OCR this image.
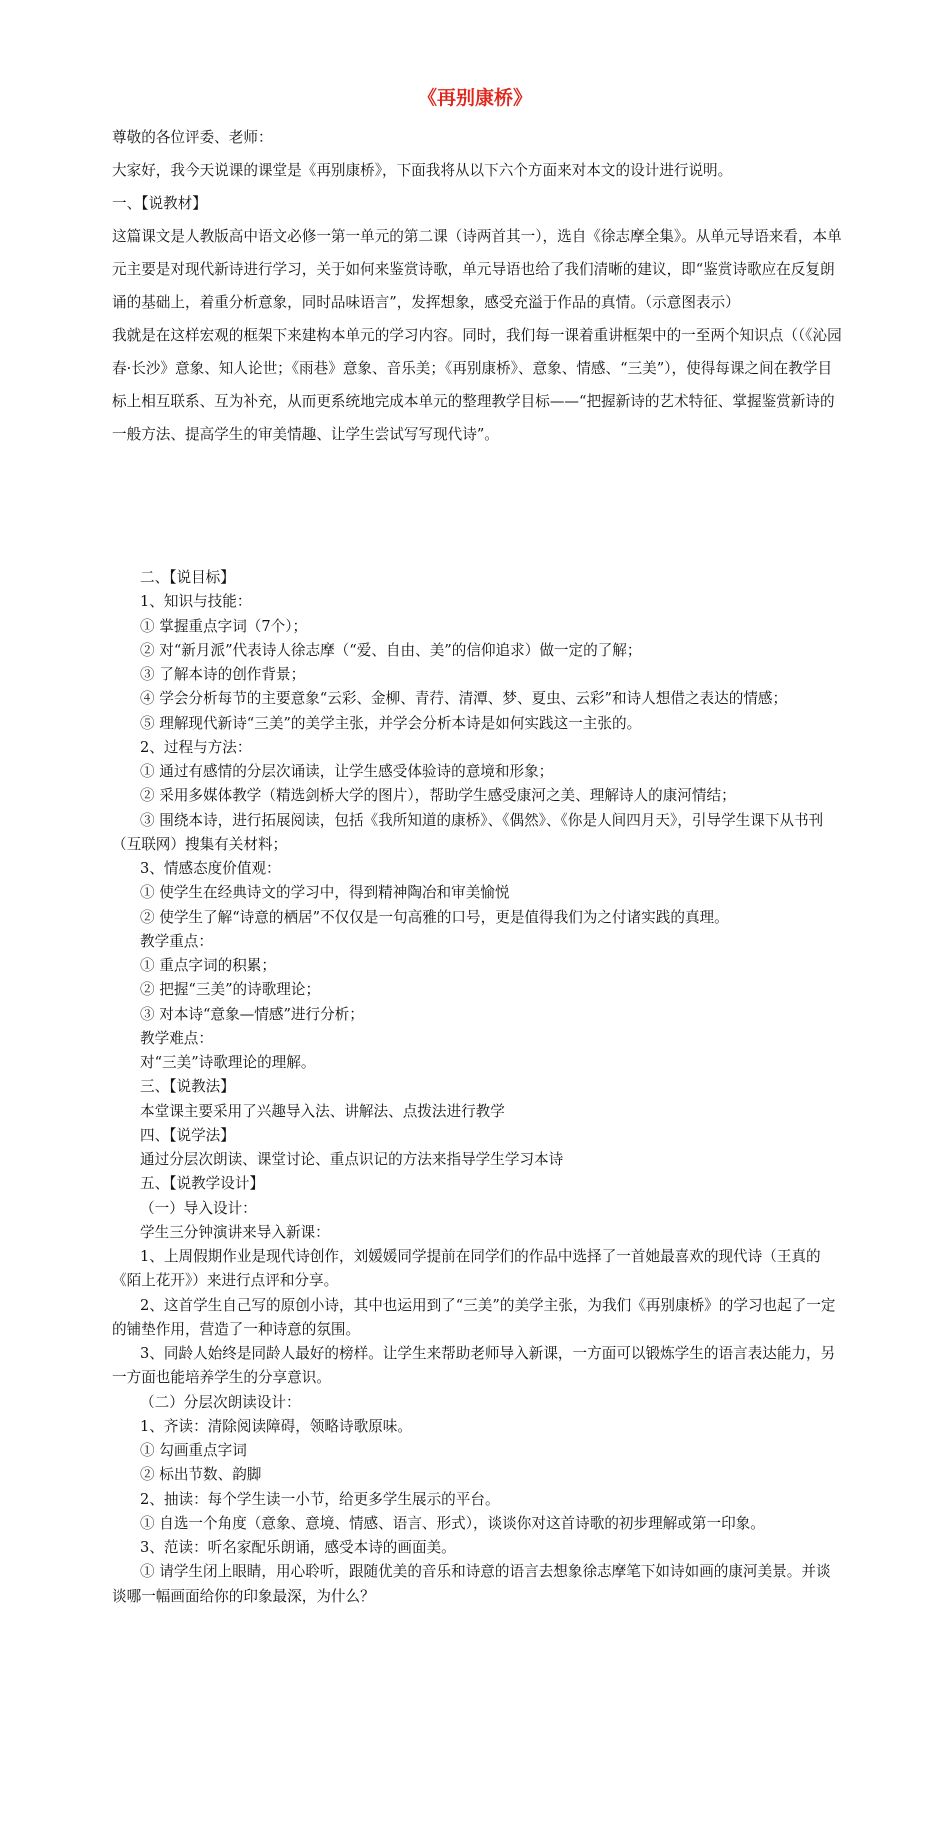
《再别康桥》

尊敬的各位评委、老师：

大家好，我今天说课的课堂是《再别康桥》，下面我将从以下六个方面来对本文的设计进行说明。

一、【说教材】

这篇课文是人教版高中语文必修一第一单元的第二课（诗两首其一），选自《徐志摩全集》。从单元导语来看，本单元主要是对现代新诗进行学习，关于如何来鉴赏诗歌，单元导语也给了我们清晰的建议，即“鉴赏诗歌应在反复朗诵的基础上，着重分析意象，同时品味语言”，发挥想象，感受充溢于作品的真情。（示意图表示）

我就是在这样宏观的框架下来建构本单元的学习内容。同时，我们每一课着重讲框架中的一至两个知识点（（《沁园春·长沙》意象、知人论世；《雨巷》意象、音乐美；《再别康桥》、意象、情感、“三美”），使得每课之间在教学目标上相互联系、互为补充，从而更系统地完成本单元的整理教学目标——“把握新诗的艺术特征、掌握鉴赏新诗的一般方法、提高学生的审美情趣、让学生尝试写写现代诗”。

二、【说目标】

1、知识与技能：

① 掌握重点字词（7个）；

② 对“新月派”代表诗人徐志摩（“爱、自由、美”的信仰追求）做一定的了解；

③ 了解本诗的创作背景；

④ 学会分析每节的主要意象“云彩、金柳、青荇、清潭、梦、夏虫、云彩”和诗人想借之表达的情感；

⑤ 理解现代新诗“三美”的美学主张，并学会分析本诗是如何实践这一主张的。

2、过程与方法：

① 通过有感情的分层次诵读，让学生感受体验诗的意境和形象；

② 采用多媒体教学（精选剑桥大学的图片），帮助学生感受康河之美、理解诗人的康河情结；

③ 围绕本诗，进行拓展阅读，包括《我所知道的康桥》、《偶然》、《你是人间四月天》，引导学生课下从书刊（互联网）搜集有关材料；

3、情感态度价值观：

① 使学生在经典诗文的学习中，得到精神陶冶和审美愉悦

② 使学生了解“诗意的栖居”不仅仅是一句高雅的口号，更是值得我们为之付诸实践的真理。

教学重点：

① 重点字词的积累；

② 把握“三美”的诗歌理论；

③ 对本诗“意象—情感”进行分析；

教学难点：

对“三美”诗歌理论的理解。

三、【说教法】

本堂课主要采用了兴趣导入法、讲解法、点拨法进行教学

四、【说学法】

通过分层次朗读、课堂讨论、重点识记的方法来指导学生学习本诗

五、【说教学设计】

（一）导入设计：

学生三分钟演讲来导入新课：

1、上周假期作业是现代诗创作，刘媛媛同学提前在同学们的作品中选择了一首她最喜欢的现代诗（王真的《陌上花开》）来进行点评和分享。

2、这首学生自己写的原创小诗，其中也运用到了“三美”的美学主张，为我们《再别康桥》的学习也起了一定的铺垫作用，营造了一种诗意的氛围。

3、同龄人始终是同龄人最好的榜样。让学生来帮助老师导入新课，一方面可以锻炼学生的语言表达能力，另一方面也能培养学生的分享意识。

（二）分层次朗读设计：

1、齐读：清除阅读障碍，领略诗歌原味。

① 勾画重点字词

② 标出节数、韵脚

2、抽读：每个学生读一小节，给更多学生展示的平台。

① 自选一个角度（意象、意境、情感、语言、形式），谈谈你对这首诗歌的初步理解或第一印象。

3、范读：听名家配乐朗诵，感受本诗的画面美。

① 请学生闭上眼睛，用心聆听，跟随优美的音乐和诗意的语言去想象徐志摩笔下如诗如画的康河美景。并谈谈哪一幅画面给你的印象最深，为什么？
